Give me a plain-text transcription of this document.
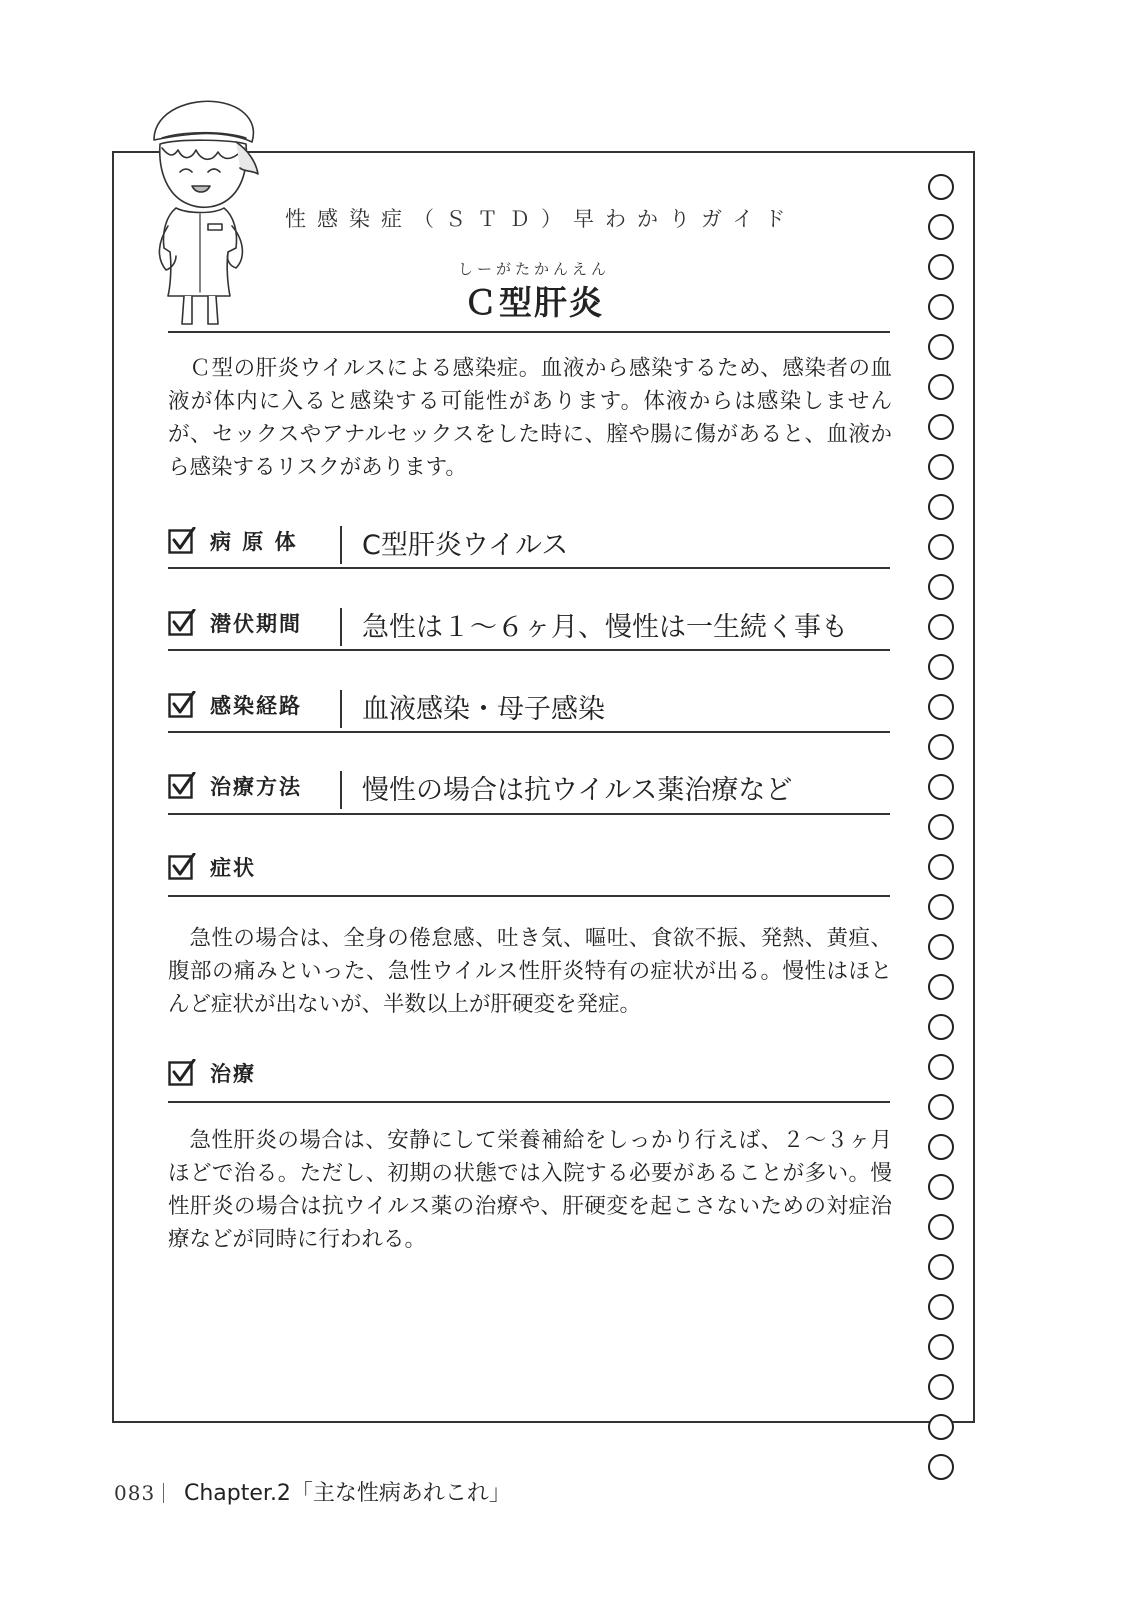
性感染症（ＳＴＤ）早わかりガイド
しーがたかんえん
Ｃ型肝炎
Ｃ型の肝炎ウイルスによる感染症。血液から感染するため、感染者の血液が体内に入ると感染する可能性があります。体液からは感染しませんが、セックスやアナルセックスをした時に、膣や腸に傷があると、血液から感染するリスクがあります。
病 原 体 C型肝炎ウイルス
潜伏期間 急性は１～６ヶ月、慢性は一生続く事も
感染経路 血液感染・母子感染
治療方法 慢性の場合は抗ウイルス薬治療など
症状
急性の場合は、全身の倦怠感、吐き気、嘔吐、食欲不振、発熱、黄疸、腹部の痛みといった、急性ウイルス性肝炎特有の症状が出る。慢性はほとんど症状が出ないが、半数以上が肝硬変を発症。
治療
急性肝炎の場合は、安静にして栄養補給をしっかり行えば、２～３ヶ月ほどで治る。ただし、初期の状態では入院する必要があることが多い。慢性肝炎の場合は抗ウイルス薬の治療や、肝硬変を起こさないための対症治療などが同時に行われる。
083 Chapter.2「主な性病あれこれ」
